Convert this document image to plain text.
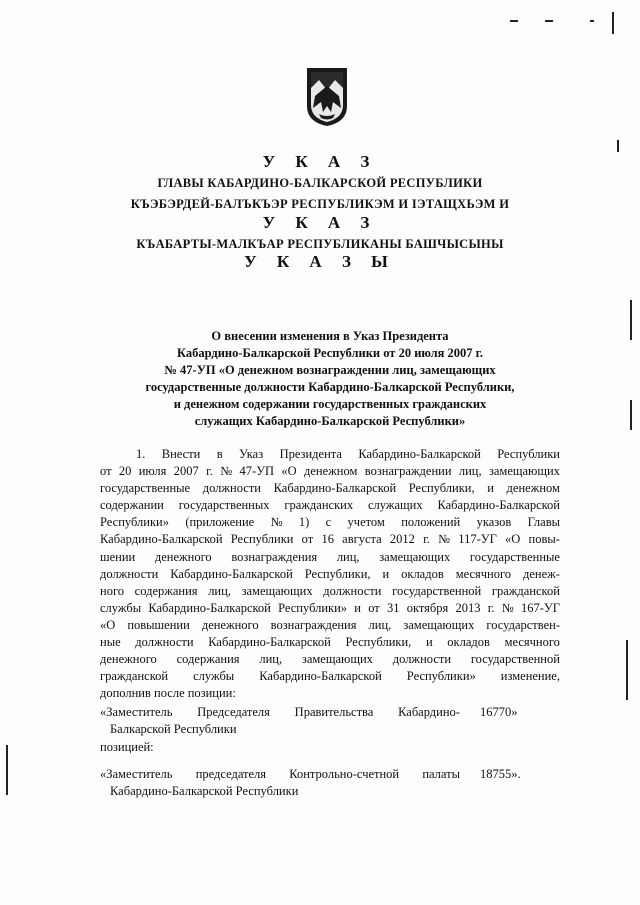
У К А З
ГЛАВЫ КАБАРДИНО-БАЛКАРСКОЙ РЕСПУБЛИКИ
КЪЭБЭРДЕЙ-БАЛЪКЪЭР РЕСПУБЛИКЭМ И ІЭТАЩХЬЭМ И
У К А З
КЪАБАРТЫ-МАЛКЪАР РЕСПУБЛИКАНЫ БАШЧЫСЫНЫ
У К А З Ы
О внесении изменения в Указ Президента
Кабардино-Балкарской Республики от 20 июля 2007 г.
№ 47-УП «О денежном вознаграждении лиц, замещающих
государственные должности Кабардино-Балкарской Республики,
и денежном содержании государственных гражданских
служащих Кабардино-Балкарской Республики»
1. Внести в Указ Президента Кабардино-Балкарской Республики
от 20 июля 2007 г. № 47-УП «О денежном вознаграждении лиц, замещающих
государственные должности Кабардино-Балкарской Республики, и денежном
содержании государственных гражданских служащих Кабардино-Балкарской
Республики» (приложение № 1) с учетом положений указов Главы
Кабардино-Балкарской Республики от 16 августа 2012 г. № 117-УГ «О повы-
шении денежного вознаграждения лиц, замещающих государственные
должности Кабардино-Балкарской Республики, и окладов месячного денеж-
ного содержания лиц, замещающих должности государственной гражданской
службы Кабардино-Балкарской Республики» и от 31 октября 2013 г. № 167-УГ
«О повышении денежного вознаграждения лиц, замещающих государствен-
ные должности Кабардино-Балкарской Республики, и окладов месячного
денежного содержания лиц, замещающих должности государственной
гражданской службы Кабардино-Балкарской Республики» изменение,
дополнив после позиции:
«Заместитель Председателя Правительства Кабардино-
Балкарской Республики
16770»
позицией:
«Заместитель председателя Контрольно-счетной палаты
Кабардино-Балкарской Республики
18755».
